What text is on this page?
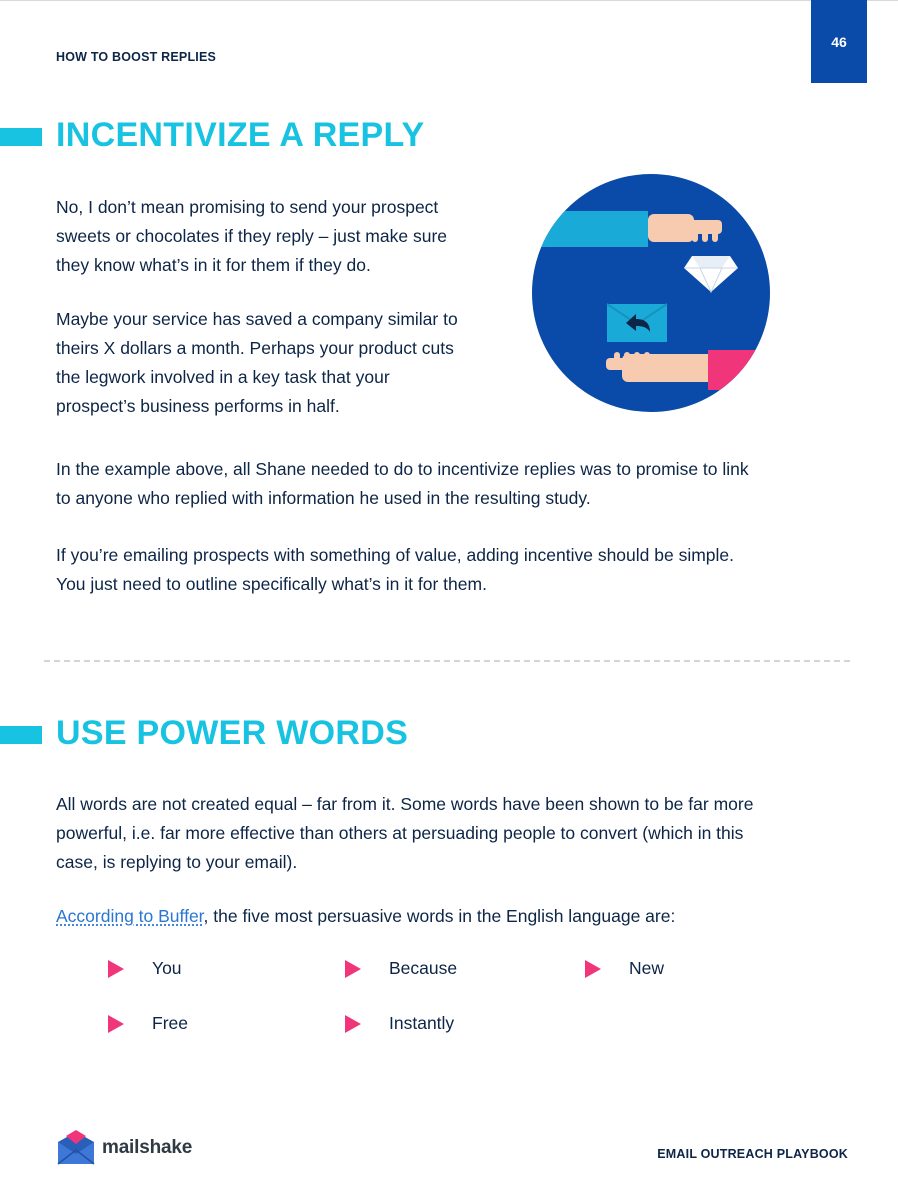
HOW TO BOOST REPLIES
46
INCENTIVIZE A REPLY

No, I don’t mean promising to send your prospect
sweets or chocolates if they reply – just make sure
they know what’s in it for them if they do.

Maybe your service has saved a company similar to
theirs X dollars a month. Perhaps your product cuts
the legwork involved in a key task that your
prospect’s business performs in half.

In the example above, all Shane needed to do to incentivize replies was to promise to link
to anyone who replied with information he used in the resulting study.

If you’re emailing prospects with something of value, adding incentive should be simple.
You just need to outline specifically what’s in it for them.

USE POWER WORDS

All words are not created equal – far from it. Some words have been shown to be far more
powerful, i.e. far more effective than others at persuading people to convert (which in this
case, is replying to your email).

According to Buffer, the five most persuasive words in the English language are:

You	Because	New
Free	Instantly
mailshake	EMAIL OUTREACH PLAYBOOK
